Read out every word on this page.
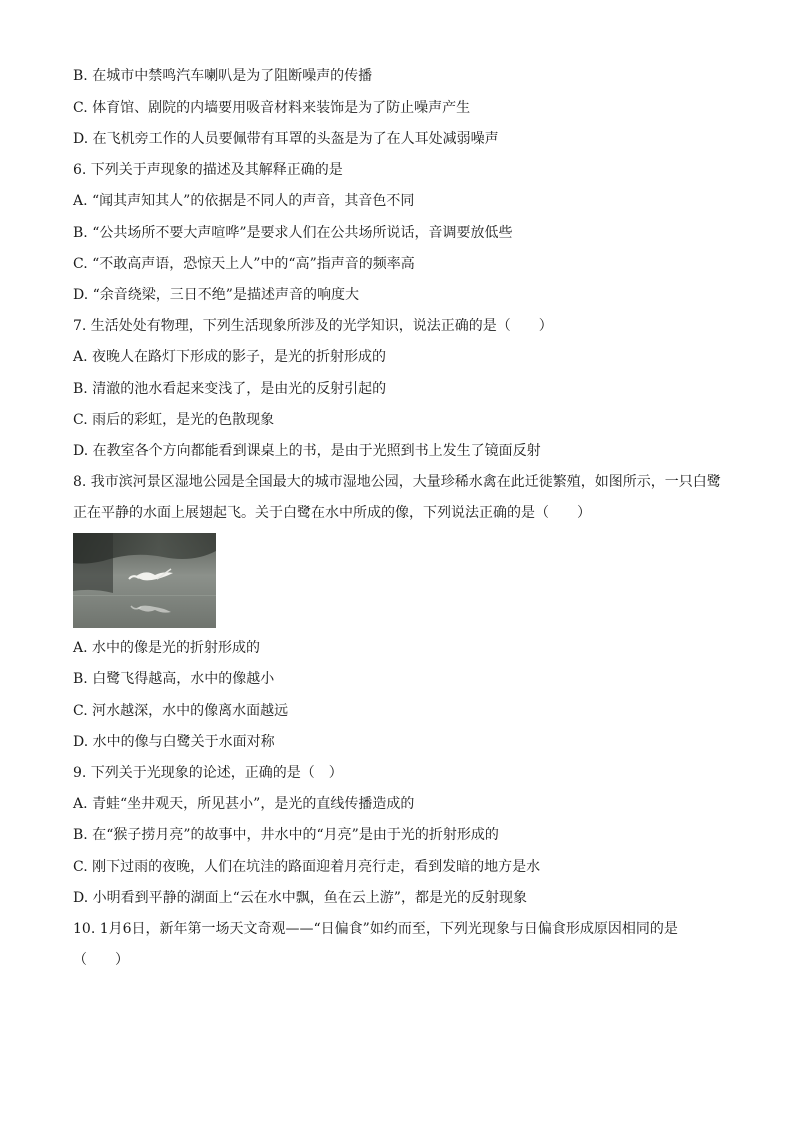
B. 在城市中禁鸣汽车喇叭是为了阻断噪声的传播
C. 体育馆、剧院的内墙要用吸音材料来装饰是为了防止噪声产生
D. 在飞机旁工作的人员要佩带有耳罩的头盔是为了在人耳处减弱噪声
6. 下列关于声现象的描述及其解释正确的是
A. “闻其声知其人”的依据是不同人的声音，其音色不同
B. “公共场所不要大声喧哗”是要求人们在公共场所说话，音调要放低些
C. “不敢高声语，恐惊天上人”中的“高”指声音的频率高
D. “余音绕梁，三日不绝”是描述声音的响度大
7. 生活处处有物理，下列生活现象所涉及的光学知识，说法正确的是（　　）
A. 夜晚人在路灯下形成的影子，是光的折射形成的
B. 清澈的池水看起来变浅了，是由光的反射引起的
C. 雨后的彩虹，是光的色散现象
D. 在教室各个方向都能看到课桌上的书，是由于光照到书上发生了镜面反射
8. 我市滨河景区湿地公园是全国最大的城市湿地公园，大量珍稀水禽在此迁徙繁殖，如图所示，一只白鹭
正在平静的水面上展翅起飞。关于白鹭在水中所成的像，下列说法正确的是（　　）
A. 水中的像是光的折射形成的
B. 白鹭飞得越高，水中的像越小
C. 河水越深，水中的像离水面越远
D. 水中的像与白鹭关于水面对称
9. 下列关于光现象的论述，正确的是（　）
A. 青蛙“坐井观天，所见甚小”，是光的直线传播造成的
B. 在“猴子捞月亮”的故事中，井水中的“月亮”是由于光的折射形成的
C. 刚下过雨的夜晚，人们在坑洼的路面迎着月亮行走，看到发暗的地方是水
D. 小明看到平静的湖面上“云在水中飘，鱼在云上游”，都是光的反射现象
10. 1月6日，新年第一场天文奇观——“日偏食”如约而至，下列光现象与日偏食形成原因相同的是
（　　）
